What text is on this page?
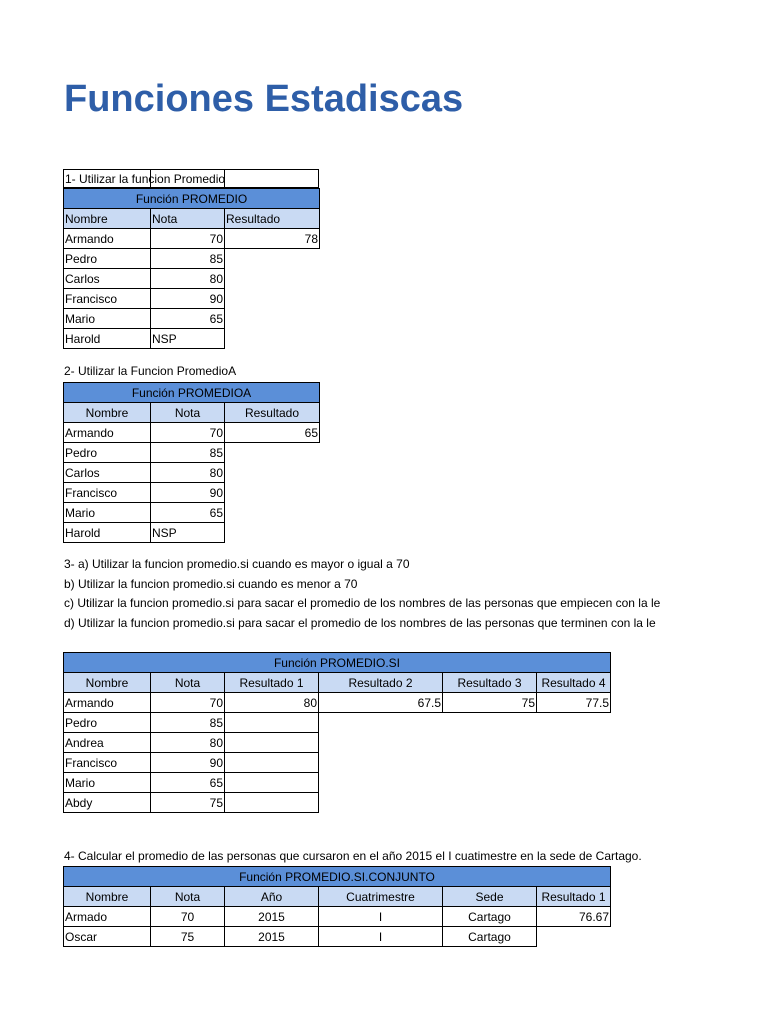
Funciones Estadiscas
1- Utilizar la funcion Promedio
Función PROMEDIO		
Nombre	Nota	Resultado
Armando	70	78
Pedro	85	
Carlos	80	
Francisco	90	
Mario	65	
Harold	NSP	
2- Utilizar la Funcion PromedioA
Función PROMEDIOA		
Nombre	Nota	Resultado
Armando	70	65
Pedro	85	
Carlos	80	
Francisco	90	
Mario	65	
Harold	NSP	
3- a) Utilizar la funcion promedio.si cuando es mayor o igual a 70
b) Utilizar la funcion promedio.si cuando es menor a 70
c) Utilizar la funcion promedio.si para sacar el promedio de los nombres de las personas que empiecen con la le
d) Utilizar la funcion promedio.si para sacar el promedio de los nombres de las personas que terminen con la le
Función PROMEDIO.SI					
Nombre	Nota	Resultado 1	Resultado 2	Resultado 3	Resultado 4
Armando	70	80	67.5	75	77.5
Pedro	85				
Andrea	80				
Francisco	90				
Mario	65				
Abdy	75				
4- Calcular el promedio de las personas que cursaron en el año 2015 el I cuatimestre en la sede de Cartago.
Función PROMEDIO.SI.CONJUNTO					
Nombre	Nota	Año	Cuatrimestre	Sede	Resultado 1
Armado	70	2015	I	Cartago	76.67
Oscar	75	2015	I	Cartago	
